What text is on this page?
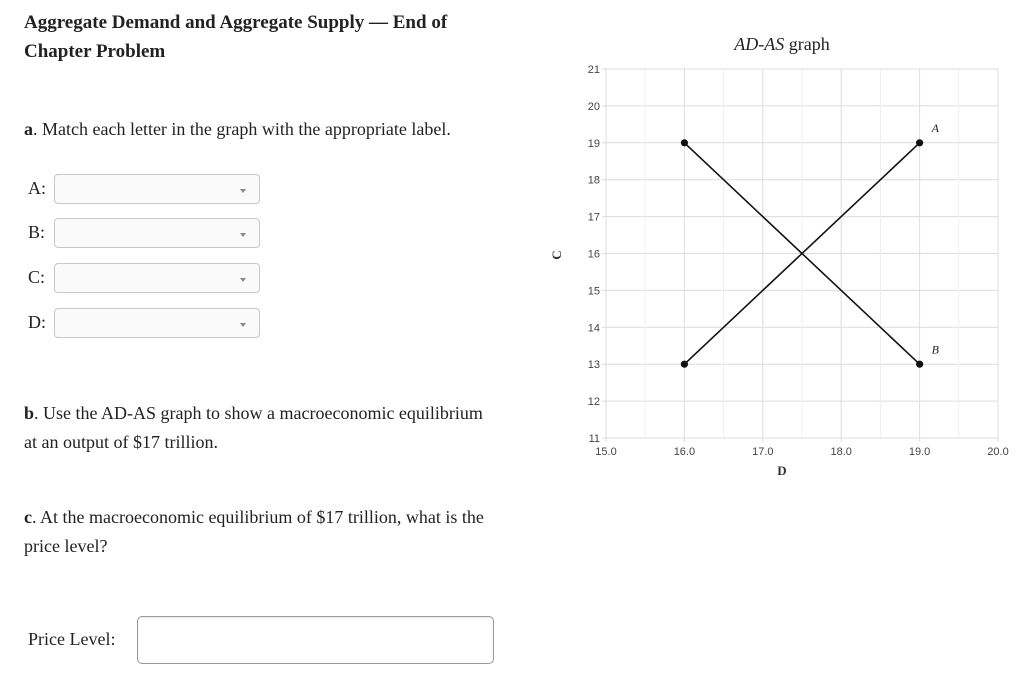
Aggregate Demand and Aggregate Supply — End of Chapter Problem
a. Match each letter in the graph with the appropriate label.
A:
B:
C:
D:
b. Use the AD-AS graph to show a macroeconomic equilibrium at an output of $17 trillion.
c. At the macroeconomic equilibrium of $17 trillion, what is the price level?
Price Level:
AD-AS graph
11
12
13
14
15
16
17
18
19
20
21
15.0	16.0	17.0	18.0	19.0	20.0
A
B
C
D
